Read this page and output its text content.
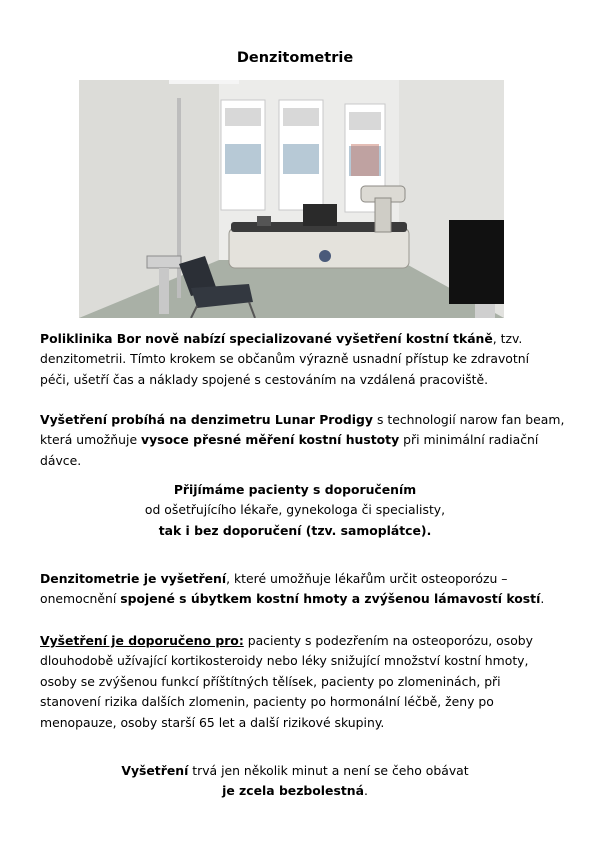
Denzitometrie
Poliklinika Bor nově nabízí specializované vyšetření kostní tkáně, tzv.
denzitometrii. Tímto krokem se občanům výrazně usnadní přístup ke zdravotní
péči, ušetří čas a náklady spojené s cestováním na vzdálená pracoviště.
Vyšetření probíhá na denzimetru Lunar Prodigy s technologií narow fan beam,
která umožňuje vysoce přesné měření kostní hustoty při minimální radiační
dávce.
Přijímáme pacienty s doporučením
od ošetřujícího lékaře, gynekologa či specialisty,
tak i bez doporučení (tzv. samoplátce).
Denzitometrie je vyšetření, které umožňuje lékařům určit osteoporózu –
onemocnění spojené s úbytkem kostní hmoty a zvýšenou lámavostí kostí.
Vyšetření je doporučeno pro: pacienty s podezřením na osteoporózu, osoby
dlouhodobě užívající kortikosteroidy nebo léky snižující množství kostní hmoty,
osoby se zvýšenou funkcí příštítných tělísek, pacienty po zlomeninách, při
stanovení rizika dalších zlomenin, pacienty po hormonální léčbě, ženy po
menopauze, osoby starší 65 let a další rizikové skupiny.
Vyšetření trvá jen několik minut a není se čeho obávat
je zcela bezbolestná.
